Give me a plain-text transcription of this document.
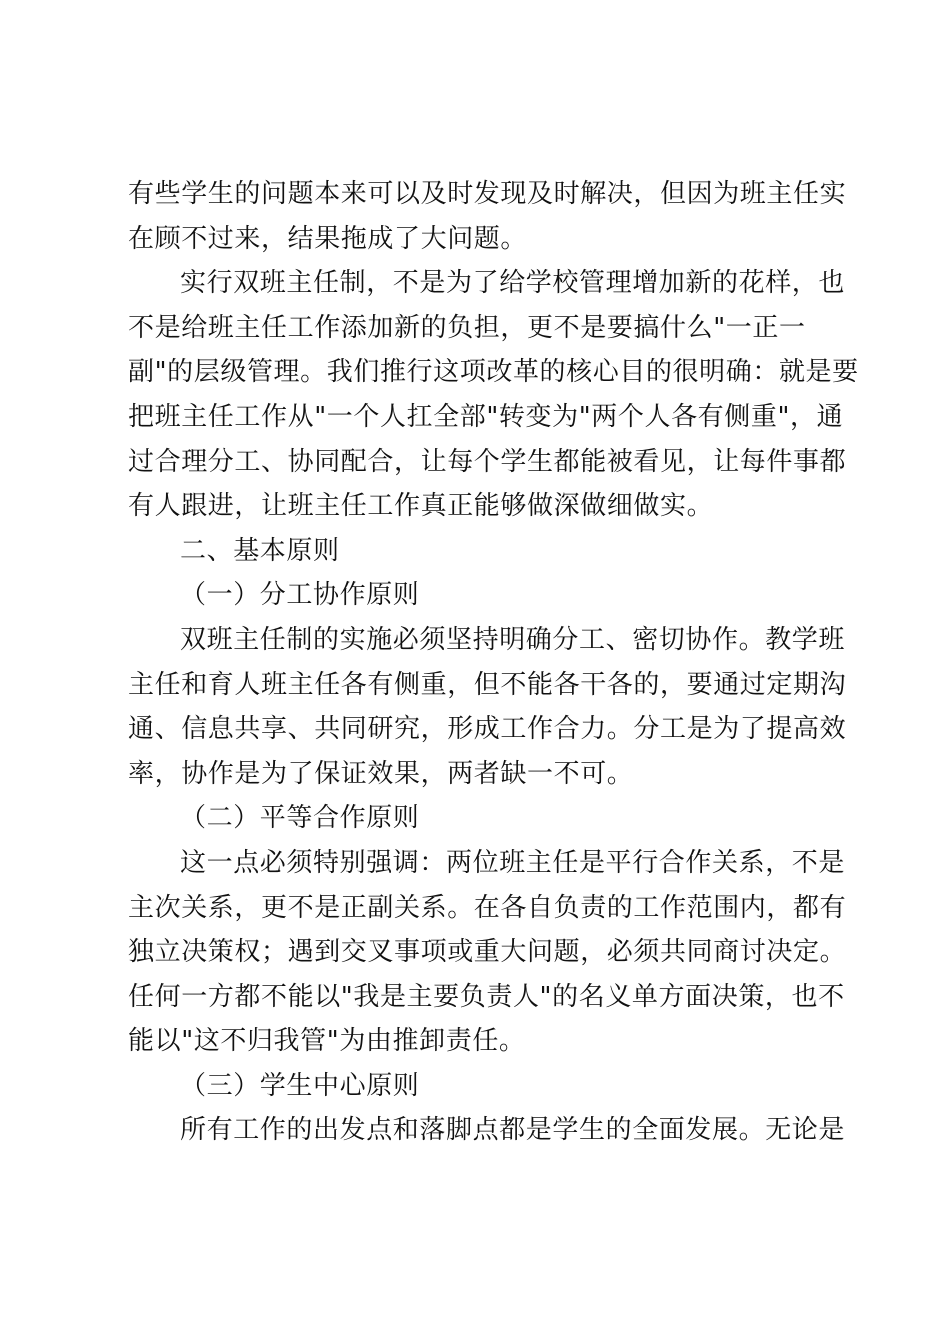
有些学生的问题本来可以及时发现及时解决，但因为班主任实
在顾不过来，结果拖成了大问题。
实行双班主任制，不是为了给学校管理增加新的花样，也
不是给班主任工作添加新的负担，更不是要搞什么"一正一
副"的层级管理。我们推行这项改革的核心目的很明确：就是要
把班主任工作从"一个人扛全部"转变为"两个人各有侧重"，通
过合理分工、协同配合，让每个学生都能被看见，让每件事都
有人跟进，让班主任工作真正能够做深做细做实。
二、基本原则
（一）分工协作原则
双班主任制的实施必须坚持明确分工、密切协作。教学班
主任和育人班主任各有侧重，但不能各干各的，要通过定期沟
通、信息共享、共同研究，形成工作合力。分工是为了提高效
率，协作是为了保证效果，两者缺一不可。
（二）平等合作原则
这一点必须特别强调：两位班主任是平行合作关系，不是
主次关系，更不是正副关系。在各自负责的工作范围内，都有
独立决策权；遇到交叉事项或重大问题，必须共同商讨决定。
任何一方都不能以"我是主要负责人"的名义单方面决策，也不
能以"这不归我管"为由推卸责任。
（三）学生中心原则
所有工作的出发点和落脚点都是学生的全面发展。无论是
